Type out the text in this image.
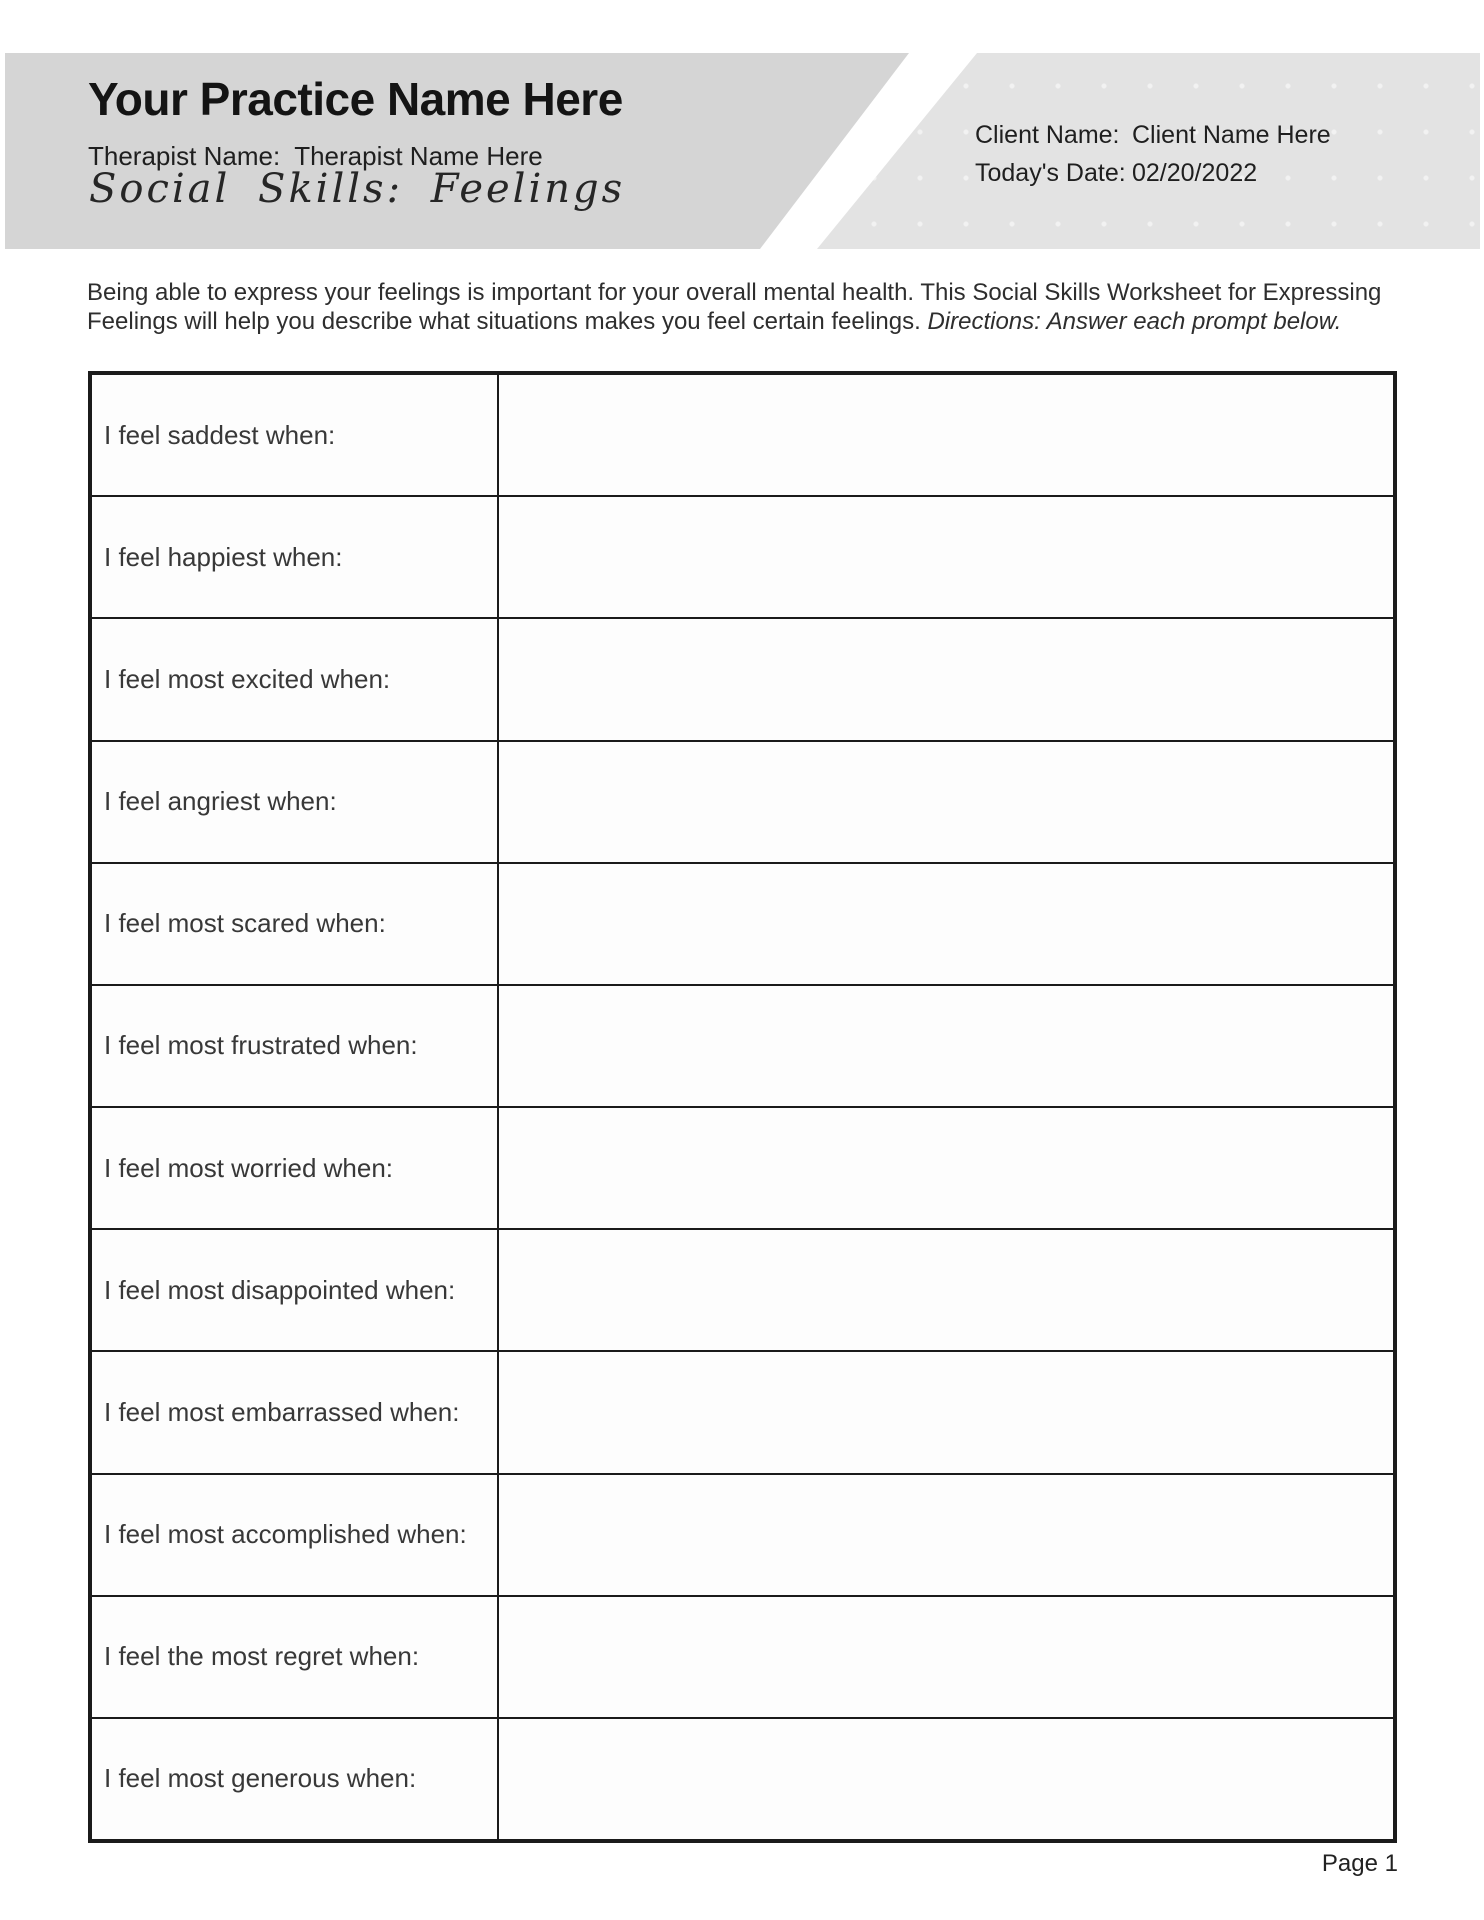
Your Practice Name Here
Therapist Name: Therapist Name Here
Social Skills: Feelings
Client Name: Client Name Here
Today's Date: 02/20/2022

Being able to express your feelings is important for your overall mental health. This Social Skills Worksheet for Expressing
Feelings will help you describe what situations makes you feel certain feelings. Directions: Answer each prompt below.

I feel saddest when:
I feel happiest when:
I feel most excited when:
I feel angriest when:
I feel most scared when:
I feel most frustrated when:
I feel most worried when:
I feel most disappointed when:
I feel most embarrassed when:
I feel most accomplished when:
I feel the most regret when:
I feel most generous when:
Page 1
